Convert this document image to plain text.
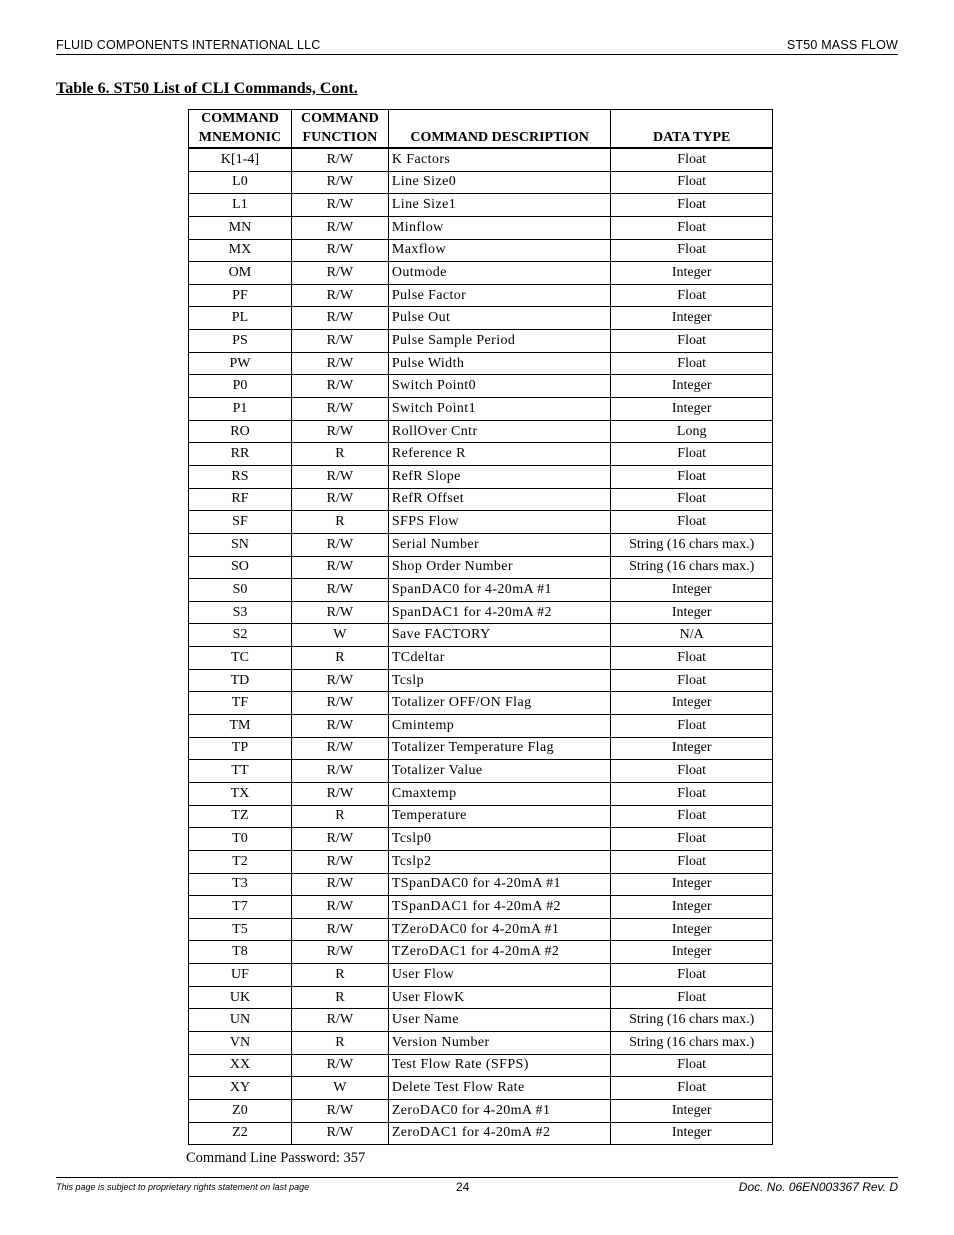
FLUID COMPONENTS INTERNATIONAL LLC	ST50 MASS FLOW
Table 6. ST50 List of CLI Commands, Cont.
COMMAND	COMMAND		
MNEMONIC	FUNCTION	COMMAND DESCRIPTION	DATA TYPE
K[1-4]	R/W	K Factors	Float
L0	R/W	Line Size0	Float
L1	R/W	Line Size1	Float
MN	R/W	Minflow	Float
MX	R/W	Maxflow	Float
OM	R/W	Outmode	Integer
PF	R/W	Pulse Factor	Float
PL	R/W	Pulse Out	Integer
PS	R/W	Pulse Sample Period	Float
PW	R/W	Pulse Width	Float
P0	R/W	Switch Point0	Integer
P1	R/W	Switch Point1	Integer
RO	R/W	RollOver Cntr	Long
RR	R	Reference R	Float
RS	R/W	RefR Slope	Float
RF	R/W	RefR Offset	Float
SF	R	SFPS Flow	Float
SN	R/W	Serial Number	String (16 chars max.)
SO	R/W	Shop Order Number	String (16 chars max.)
S0	R/W	SpanDAC0 for 4-20mA #1	Integer
S3	R/W	SpanDAC1 for 4-20mA #2	Integer
S2	W	Save FACTORY	N/A
TC	R	TCdeltar	Float
TD	R/W	Tcslp	Float
TF	R/W	Totalizer OFF/ON Flag	Integer
TM	R/W	Cmintemp	Float
TP	R/W	Totalizer Temperature Flag	Integer
TT	R/W	Totalizer Value	Float
TX	R/W	Cmaxtemp	Float
TZ	R	Temperature	Float
T0	R/W	Tcslp0	Float
T2	R/W	Tcslp2	Float
T3	R/W	TSpanDAC0 for 4-20mA #1	Integer
T7	R/W	TSpanDAC1 for 4-20mA #2	Integer
T5	R/W	TZeroDAC0 for 4-20mA #1	Integer
T8	R/W	TZeroDAC1 for 4-20mA #2	Integer
UF	R	User Flow	Float
UK	R	User FlowK	Float
UN	R/W	User Name	String (16 chars max.)
VN	R	Version Number	String (16 chars max.)
XX	R/W	Test Flow Rate (SFPS)	Float
XY	W	Delete Test Flow Rate	Float
Z0	R/W	ZeroDAC0 for 4-20mA #1	Integer
Z2	R/W	ZeroDAC1 for 4-20mA #2	Integer
Command Line Password: 357
This page is subject to proprietary rights statement on last page	24	Doc. No. 06EN003367 Rev. D
